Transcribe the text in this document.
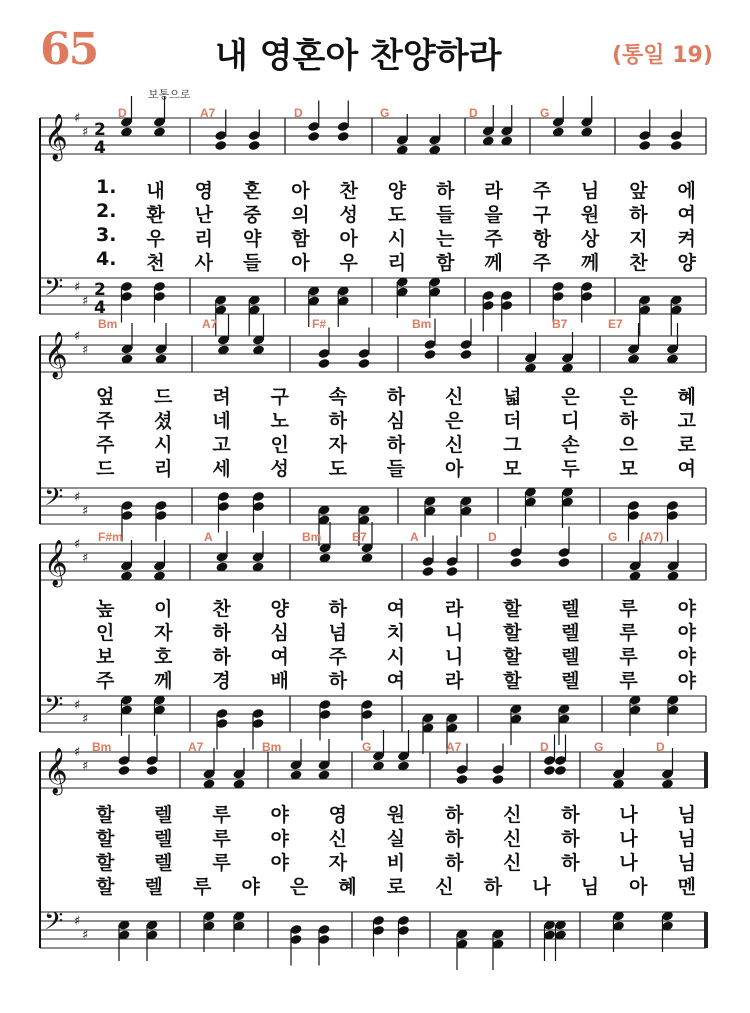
65	내 영혼아 찬양하라	(통일 19)
보통으로
𝄞 ♯
♯ 2
4
𝄢 ♯
♯
2
4
𝄞 ♯
♯
𝄢 ♯
♯
𝄞 ♯
♯
𝄢 ♯
♯
𝄞 ♯
♯
𝄢 ♯
♯
D	A7	D	G	D	G
1. 내 영 혼 아 찬 양 하 라 주 님 앞 에
2. 환 난 중 의 성 도 들 을 구 원 하 여
3. 우 리 약 함 아 시 는 주 항 상 지 켜
4. 천 사 들 아 우 리 함 께 주 께 찬 양
Bm	A7	F#	Bm	B7	E7
엎 드 려 구 속 하 신 넓 은 은 혜
주 셨 네 노 하 심 은 더 디 하 고
주 시 고 인 자 하 신 그 손 으 로
드 리 세 성 도 들 아 모 두 모 여
F#m	A	Bm	E7	A	D	G (A7)
높 이 찬 양 하 여 라 할 렐 루 야
인 자 하 심 넘 치 니 할 렐 루 야
보 호 하 여 주 시 니 할 렐 루 야
주 께 경 배 하 여 라 할 렐 루 야
Bm	A7	Bm	G	A7	D	G	D
할 렐 루 야 영 원 하 신 하 나 님
할 렐 루 야 신 실 하 신 하 나 님
할 렐 루 야 자 비 하 신 하 나 님
할 렐 루 야 은 혜 로 신 하 나 님 아 멘
